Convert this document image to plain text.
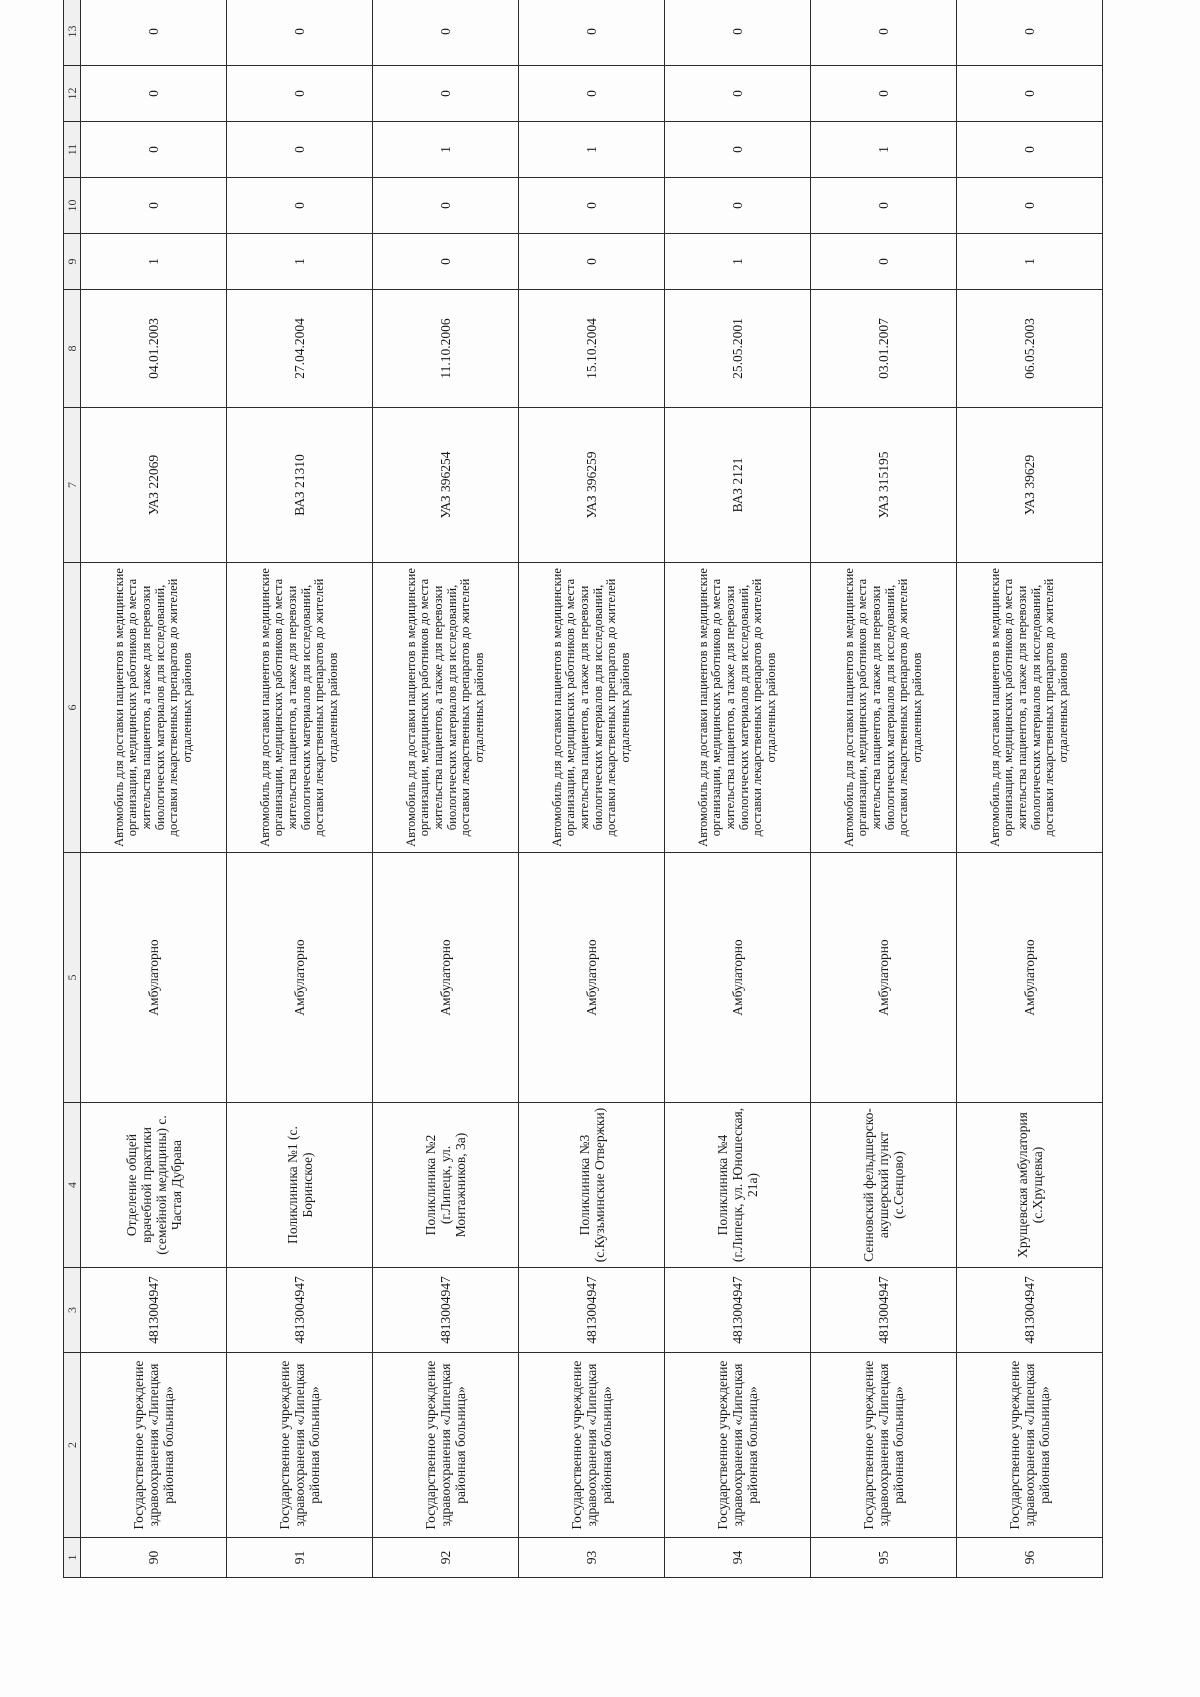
1	2	3	4	5	6	7	8	9	10	11	12	13
90	Государственное учреждение здравоохранения «Липецкая районная больница»	4813004947	Отделение общей врачебной практики (семейной медицины) с. Частая Дубрава	Амбулаторно	Автомобиль для доставки пациентов в медицинские организации, медицинских работников до места жительства пациентов, а также для перевозки биологических материалов для исследований, доставки лекарственных препаратов до жителей отдаленных районов	УАЗ 22069	04.01.2003	1	0	0	0	0
91	Государственное учреждение здравоохранения «Липецкая районная больница»	4813004947	Поликлиника №1 (с. Боринское)	Амбулаторно	Автомобиль для доставки пациентов в медицинские организации, медицинских работников до места жительства пациентов, а также для перевозки биологических материалов для исследований, доставки лекарственных препаратов до жителей отдаленных районов	ВАЗ 21310	27.04.2004	1	0	0	0	0
92	Государственное учреждение здравоохранения «Липецкая районная больница»	4813004947	Поликлиника №2 (г.Липецк, ул. Монтажников, 3а)	Амбулаторно	Автомобиль для доставки пациентов в медицинские организации, медицинских работников до места жительства пациентов, а также для перевозки биологических материалов для исследований, доставки лекарственных препаратов до жителей отдаленных районов	УАЗ 396254	11.10.2006	0	0	1	0	0
93	Государственное учреждение здравоохранения «Липецкая районная больница»	4813004947	Поликлиника №3 (с.Кузьминские Отвержки)	Амбулаторно	Автомобиль для доставки пациентов в медицинские организации, медицинских работников до места жительства пациентов, а также для перевозки биологических материалов для исследований, доставки лекарственных препаратов до жителей отдаленных районов	УАЗ 396259	15.10.2004	0	0	1	0	0
94	Государственное учреждение здравоохранения «Липецкая районная больница»	4813004947	Поликлиника №4 (г.Липецк, ул. Юношеская, 21а)	Амбулаторно	Автомобиль для доставки пациентов в медицинские организации, медицинских работников до места жительства пациентов, а также для перевозки биологических материалов для исследований, доставки лекарственных препаратов до жителей отдаленных районов	ВАЗ 2121	25.05.2001	1	0	0	0	0
95	Государственное учреждение здравоохранения «Липецкая районная больница»	4813004947	Сенновский фельдшерско-акушерский пункт (с.Сенцово)	Амбулаторно	Автомобиль для доставки пациентов в медицинские организации, медицинских работников до места жительства пациентов, а также для перевозки биологических материалов для исследований, доставки лекарственных препаратов до жителей отдаленных районов	УАЗ 315195	03.01.2007	0	0	1	0	0
96	Государственное учреждение здравоохранения «Липецкая районная больница»	4813004947	Хрущевская амбулатория (с.Хрущевка)	Амбулаторно	Автомобиль для доставки пациентов в медицинские организации, медицинских работников до места жительства пациентов, а также для перевозки биологических материалов для исследований, доставки лекарственных препаратов до жителей отдаленных районов	УАЗ 39629	06.05.2003	1	0	0	0	0
